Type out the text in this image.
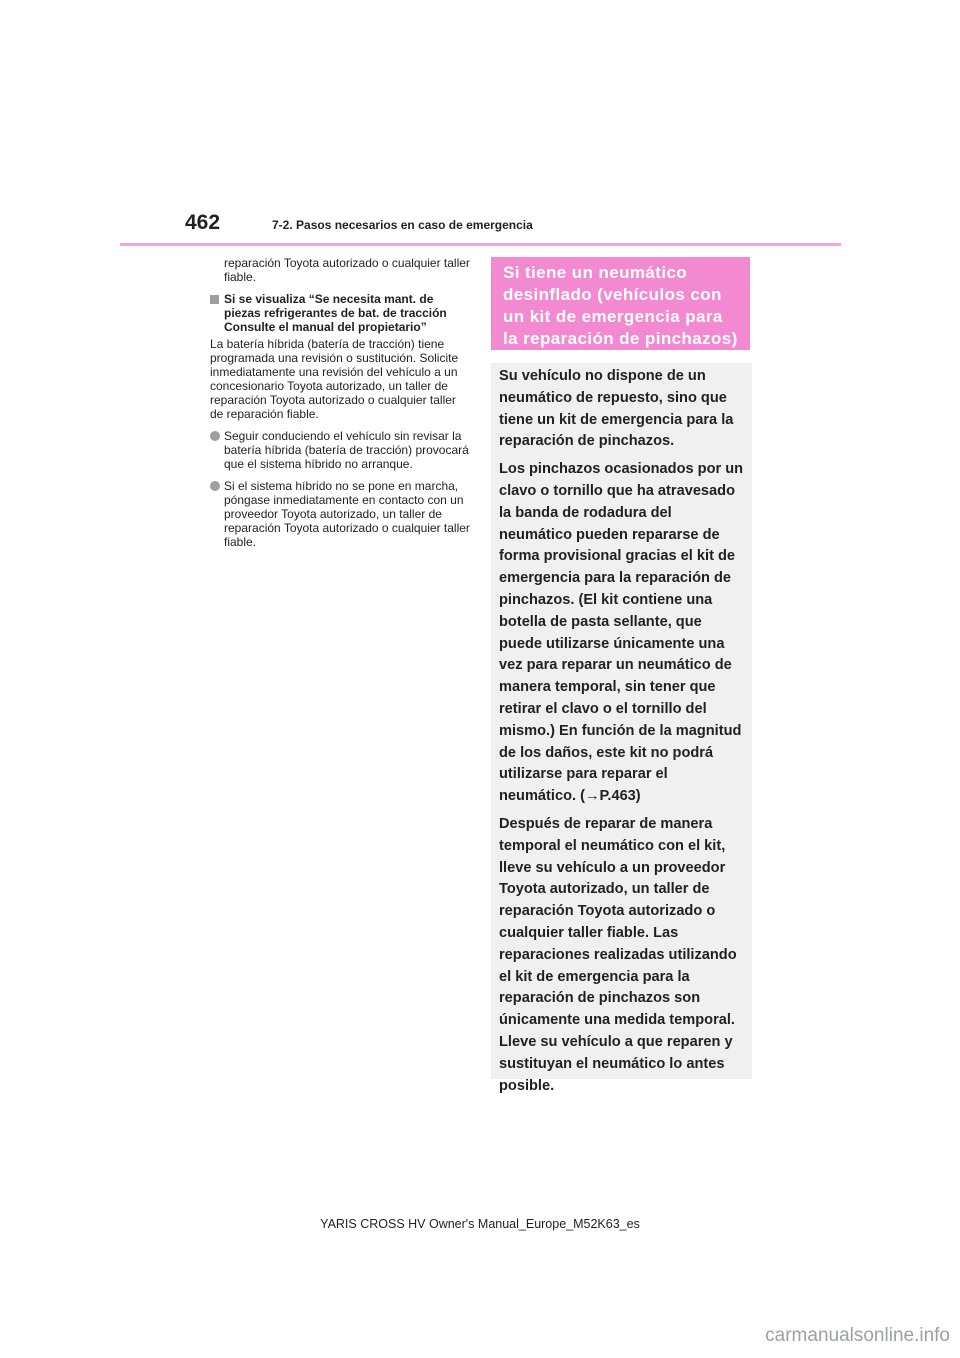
462	7-2. Pasos necesarios en caso de emergencia

reparación Toyota autorizado o cualquier taller fiable.

Si se visualiza “Se necesita mant. de piezas refrigerantes de bat. de tracción Consulte el manual del propietario”

La batería híbrida (batería de tracción) tiene programada una revisión o sustitución. Solicite inmediatamente una revisión del vehículo a un concesionario Toyota autorizado, un taller de reparación Toyota autorizado o cualquier taller de reparación fiable.

Seguir conduciendo el vehículo sin revisar la batería híbrida (batería de tracción) provocará que el sistema híbrido no arranque.
Si el sistema híbrido no se pone en marcha, póngase inmediatamente en contacto con un proveedor Toyota autorizado, un taller de reparación Toyota autorizado o cualquier taller fiable.
Si tiene un neumático desinflado (vehículos con un kit de emergencia para la reparación de pinchazos)

Su vehículo no dispone de un neumático de repuesto, sino que tiene un kit de emergencia para la reparación de pinchazos.

Los pinchazos ocasionados por un clavo o tornillo que ha atravesado la banda de rodadura del neumático pueden repararse de forma provisional gracias el kit de emergencia para la reparación de pinchazos. (El kit contiene una botella de pasta sellante, que puede utilizarse únicamente una vez para reparar un neumático de manera temporal, sin tener que retirar el clavo o el tornillo del mismo.) En función de la magnitud de los daños, este kit no podrá utilizarse para reparar el neumático. (→P.463)

Después de reparar de manera temporal el neumático con el kit, lleve su vehículo a un proveedor Toyota autorizado, un taller de reparación Toyota autorizado o cualquier taller fiable. Las reparaciones realizadas utilizando el kit de emergencia para la reparación de pinchazos son únicamente una medida temporal. Lleve su vehículo a que reparen y sustituyan el neumático lo antes posible.

YARIS CROSS HV Owner's Manual_Europe_M52K63_es
carmanualsonline.info
